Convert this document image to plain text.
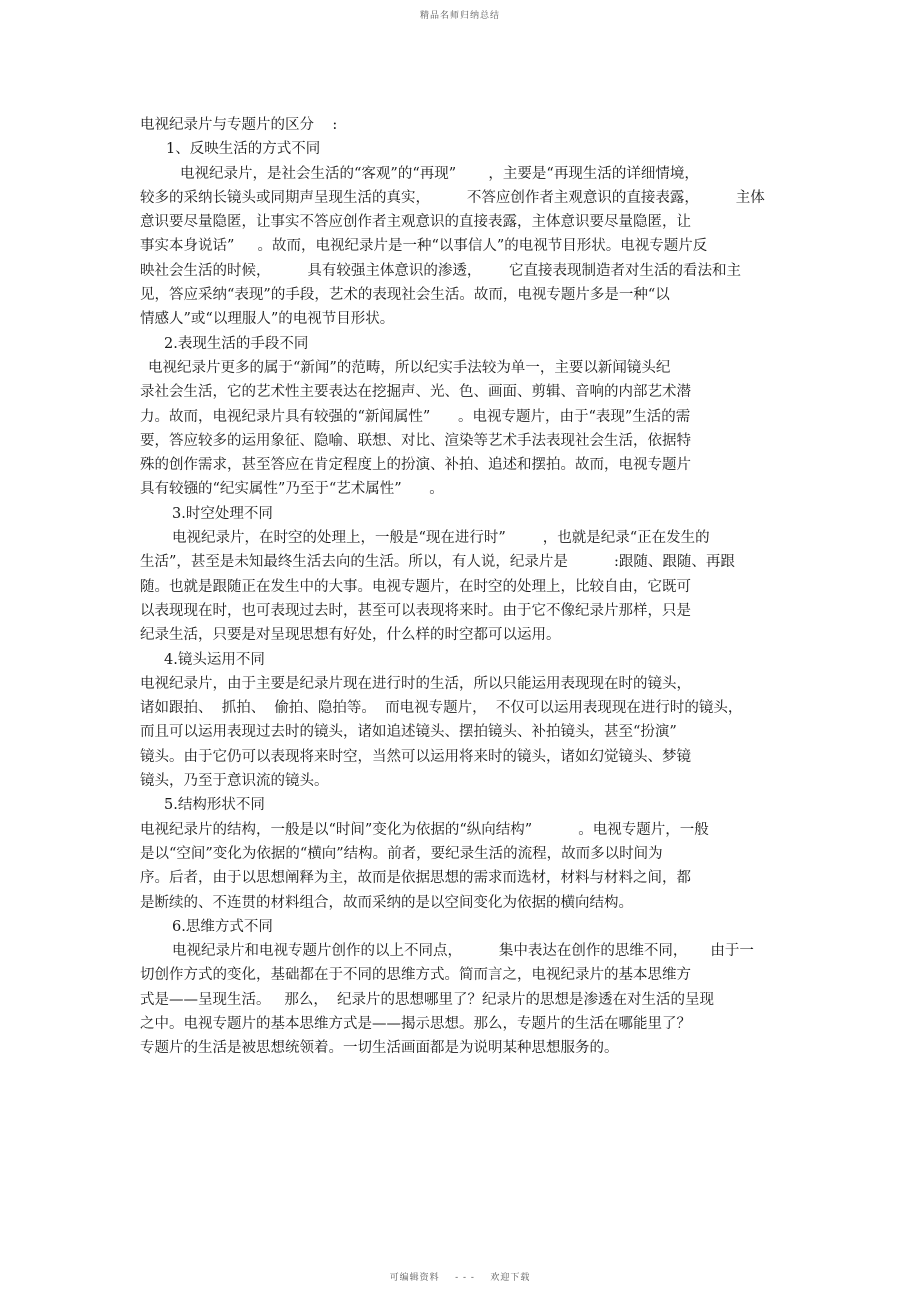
精品名师归纳总结
电视纪录片与专题片的区分    :
1、反映生活的方式不同
电视纪录片，是社会生活的“客观”的“再现”       ，主要是“再现生活的详细情境，
较多的采纳长镜头或同期声呈现生活的真实，        不答应创作者主观意识的直接表露，        主体
意识要尽量隐匿，让事实不答应创作者主观意识的直接表露，主体意识要尽量隐匿，让
事实本身说话”     。故而，电视纪录片是一种“以事信人”的电视节目形状。电视专题片反
映社会生活的时候，        具有较强主体意识的渗透，      它直接表现制造者对生活的看法和主
见，答应采纳“表现”的手段，艺术的表现社会生活。故而，电视专题片多是一种“以
情感人”或“以理服人”的电视节目形状。
2.表现生活的手段不同
电视纪录片更多的属于“新闻”的范畴，所以纪实手法较为单一，主要以新闻镜头纪
录社会生活，它的艺术性主要表达在挖掘声、光、色、画面、剪辑、音响的内部艺术潜
力。故而，电视纪录片具有较强的“新闻属性”      。电视专题片，由于“表现”生活的需
要，答应较多的运用象征、隐喻、联想、对比、渲染等艺术手法表现社会生活，依据特
殊的创作需求，甚至答应在肯定程度上的扮演、补拍、追述和摆拍。故而，电视专题片
具有较镪的“纪实属性”乃至于“艺术属性”      。
3.时空处理不同
电视纪录片，在时空的处理上，一般是“现在进行时”        ，也就是纪录“正在发生的
生活”，甚至是未知最终生活去向的生活。所以，有人说，纪录片是          :跟随、跟随、再跟
随。也就是跟随正在发生中的大事。电视专题片，在时空的处理上，比较自由，它既可
以表现现在时，也可表现过去时，甚至可以表现将来时。由于它不像纪录片那样，只是
纪录生活，只要是对呈现思想有好处，什么样的时空都可以运用。
4.镜头运用不同
电视纪录片，由于主要是纪录片现在进行时的生活，所以只能运用表现现在时的镜头，
诸如跟拍、  抓拍、  偷拍、隐拍等。  而电视专题片，  不仅可以运用表现现在进行时的镜头，
而且可以运用表现过去时的镜头，诸如追述镜头、摆拍镜头、补拍镜头，甚至“扮演”
镜头。由于它仍可以表现将来时空，当然可以运用将来时的镜头，诸如幻觉镜头、梦镜
镜头，乃至于意识流的镜头。
5.结构形状不同
电视纪录片的结构，一般是以“时间”变化为依据的“纵向结构”          。电视专题片，一般
是以“空间”变化为依据的“横向”结构。前者，要纪录生活的流程，故而多以时间为
序。后者，由于以思想阐释为主，故而是依据思想的需求而选材，材料与材料之间，都
是断续的、不连贯的材料组合，故而采纳的是以空间变化为依据的横向结构。
6.思维方式不同
电视纪录片和电视专题片创作的以上不同点，        集中表达在创作的思维不同，     由于一
切创作方式的变化，基础都在于不同的思维方式。简而言之，电视纪录片的基本思维方
式是——呈现生活。   那么，  纪录片的思想哪里了？纪录片的思想是渗透在对生活的呈现
之中。电视专题片的基本思维方式是——揭示思想。那么，专题片的生活在哪能里了？
专题片的生活是被思想统领着。一切生活画面都是为说明某种思想服务的。
可编辑资料    - - -    欢迎下载
